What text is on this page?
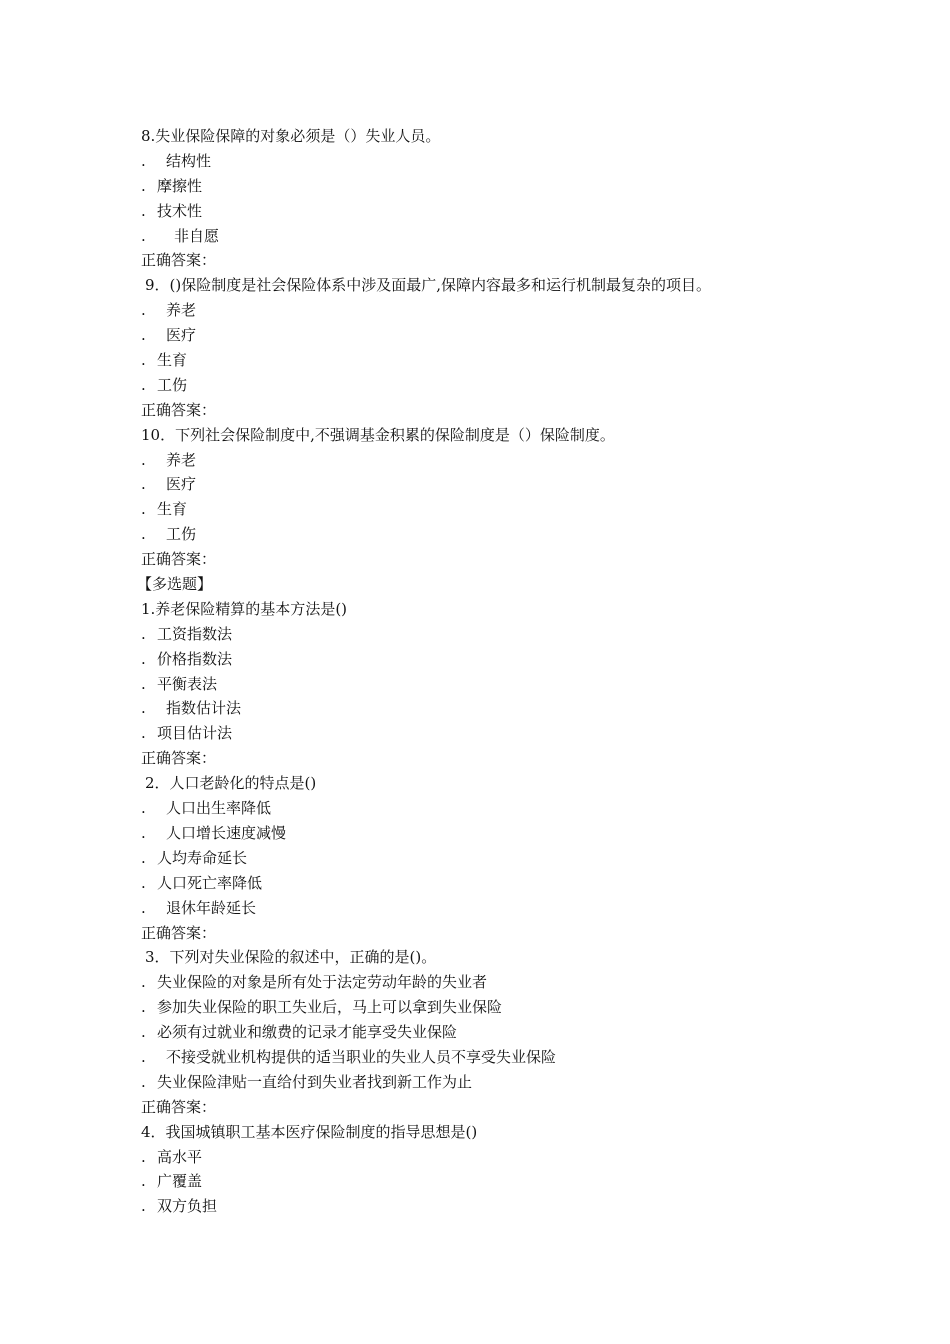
8.失业保险保障的对象必须是（）失业人员。
. 结构性
. 摩擦性
. 技术性
. 非自愿
正确答案：
9．()保险制度是社会保险体系中涉及面最广,保障内容最多和运行机制最复杂的项目。
. 养老
. 医疗
. 生育
. 工伤
正确答案：
10．下列社会保险制度中,不强调基金积累的保险制度是（）保险制度。
. 养老
. 医疗
. 生育
. 工伤
正确答案：
【多选题】
1.养老保险精算的基本方法是()
. 工资指数法
. 价格指数法
. 平衡表法
. 指数估计法
. 项目估计法
正确答案：
2．人口老龄化的特点是()
. 人口出生率降低
. 人口增长速度减慢
. 人均寿命延长
. 人口死亡率降低
. 退休年龄延长
正确答案：
3．下列对失业保险的叙述中，正确的是()。
. 失业保险的对象是所有处于法定劳动年龄的失业者
. 参加失业保险的职工失业后，马上可以拿到失业保险
. 必须有过就业和缴费的记录才能享受失业保险
. 不接受就业机构提供的适当职业的失业人员不享受失业保险
. 失业保险津贴一直给付到失业者找到新工作为止
正确答案：
4．我国城镇职工基本医疗保险制度的指导思想是()
. 高水平
. 广覆盖
. 双方负担
